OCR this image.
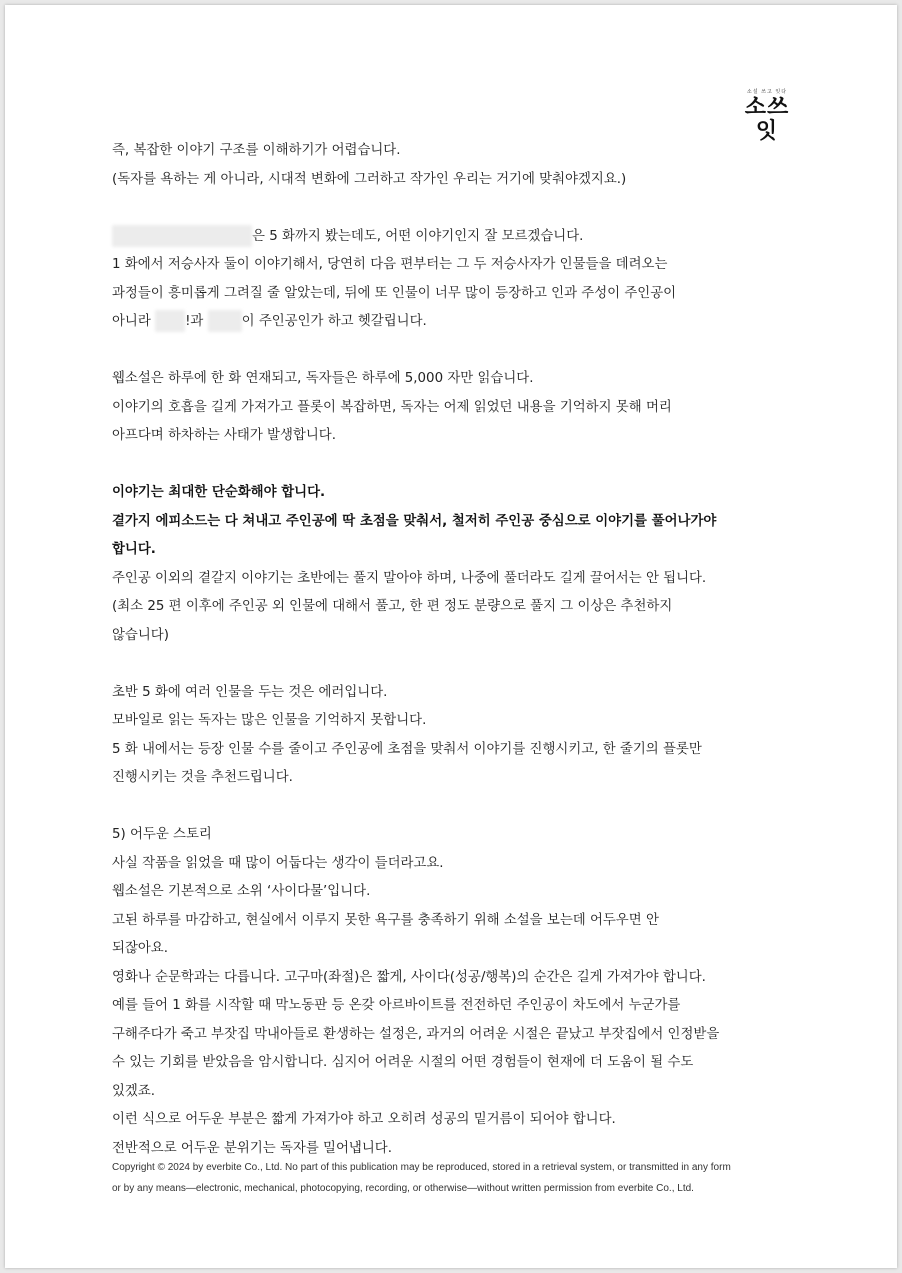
소설 쓰고 잇다
소쓰잇

즉, 복잡한 이야기 구조를 이해하기가 어렵습니다.

(독자를 욕하는 게 아니라, 시대적 변화에 그러하고 작가인 우리는 거기에 맞춰야겠지요.)

은 5 화까지 봤는데도, 어떤 이야기인지 잘 모르겠습니다.

1 화에서 저승사자 둘이 이야기해서, 당연히 다음 편부터는 그 두 저승사자가 인물들을 데려오는

과정들이 흥미롭게 그려질 줄 알았는데, 뒤에 또 인물이 너무 많이 등장하고 인과 주성이 주인공이

아니라 !과	이 주인공인가 하고 헷갈립니다.

웹소설은 하루에 한 화 연재되고, 독자들은 하루에 5,000 자만 읽습니다.

이야기의 호흡을 길게 가져가고 플롯이 복잡하면, 독자는 어제 읽었던 내용을 기억하지 못해 머리

아프다며 하차하는 사태가 발생합니다.

이야기는 최대한 단순화해야 합니다.

곁가지 에피소드는 다 쳐내고 주인공에 딱 초점을 맞춰서, 철저히 주인공 중심으로 이야기를 풀어나가야

합니다.

주인공 이외의 곁갈지 이야기는 초반에는 풀지 말아야 하며, 나중에 풀더라도 길게 끌어서는 안 됩니다.

(최소 25 편 이후에 주인공 외 인물에 대해서 풀고, 한 편 정도 분량으로 풀지 그 이상은 추천하지

않습니다)

초반 5 화에 여러 인물을 두는 것은 에러입니다.

모바일로 읽는 독자는 많은 인물을 기억하지 못합니다.

5 화 내에서는 등장 인물 수를 줄이고 주인공에 초점을 맞춰서 이야기를 진행시키고, 한 줄기의 플롯만

진행시키는 것을 추천드립니다.

5) 어두운 스토리

사실 작품을 읽었을 때 많이 어둡다는 생각이 들더라고요.

웹소설은 기본적으로 소위 ‘사이다물’입니다.

고된 하루를 마감하고, 현실에서 이루지 못한 욕구를 충족하기 위해 소설을 보는데 어두우면 안

되잖아요.

영화나 순문학과는 다릅니다. 고구마(좌절)은 짧게, 사이다(성공/행복)의 순간은 길게 가져가야 합니다.

예를 들어 1 화를 시작할 때 막노동판 등 온갖 아르바이트를 전전하던 주인공이 차도에서 누군가를

구해주다가 죽고 부잣집 막내아들로 환생하는 설정은, 과거의 어려운 시절은 끝났고 부잣집에서 인정받을

수 있는 기회를 받았음을 암시합니다. 심지어 어려운 시절의 어떤 경험들이 현재에 더 도움이 될 수도

있겠죠.

이런 식으로 어두운 부분은 짧게 가져가야 하고 오히려 성공의 밑거름이 되어야 합니다.

전반적으로 어두운 분위기는 독자를 밀어냅니다.

Copyright © 2024 by everbite Co., Ltd. No part of this publication may be reproduced, stored in a retrieval system, or transmitted in any form

or by any means—electronic, mechanical, photocopying, recording, or otherwise—without written permission from everbite Co., Ltd.
